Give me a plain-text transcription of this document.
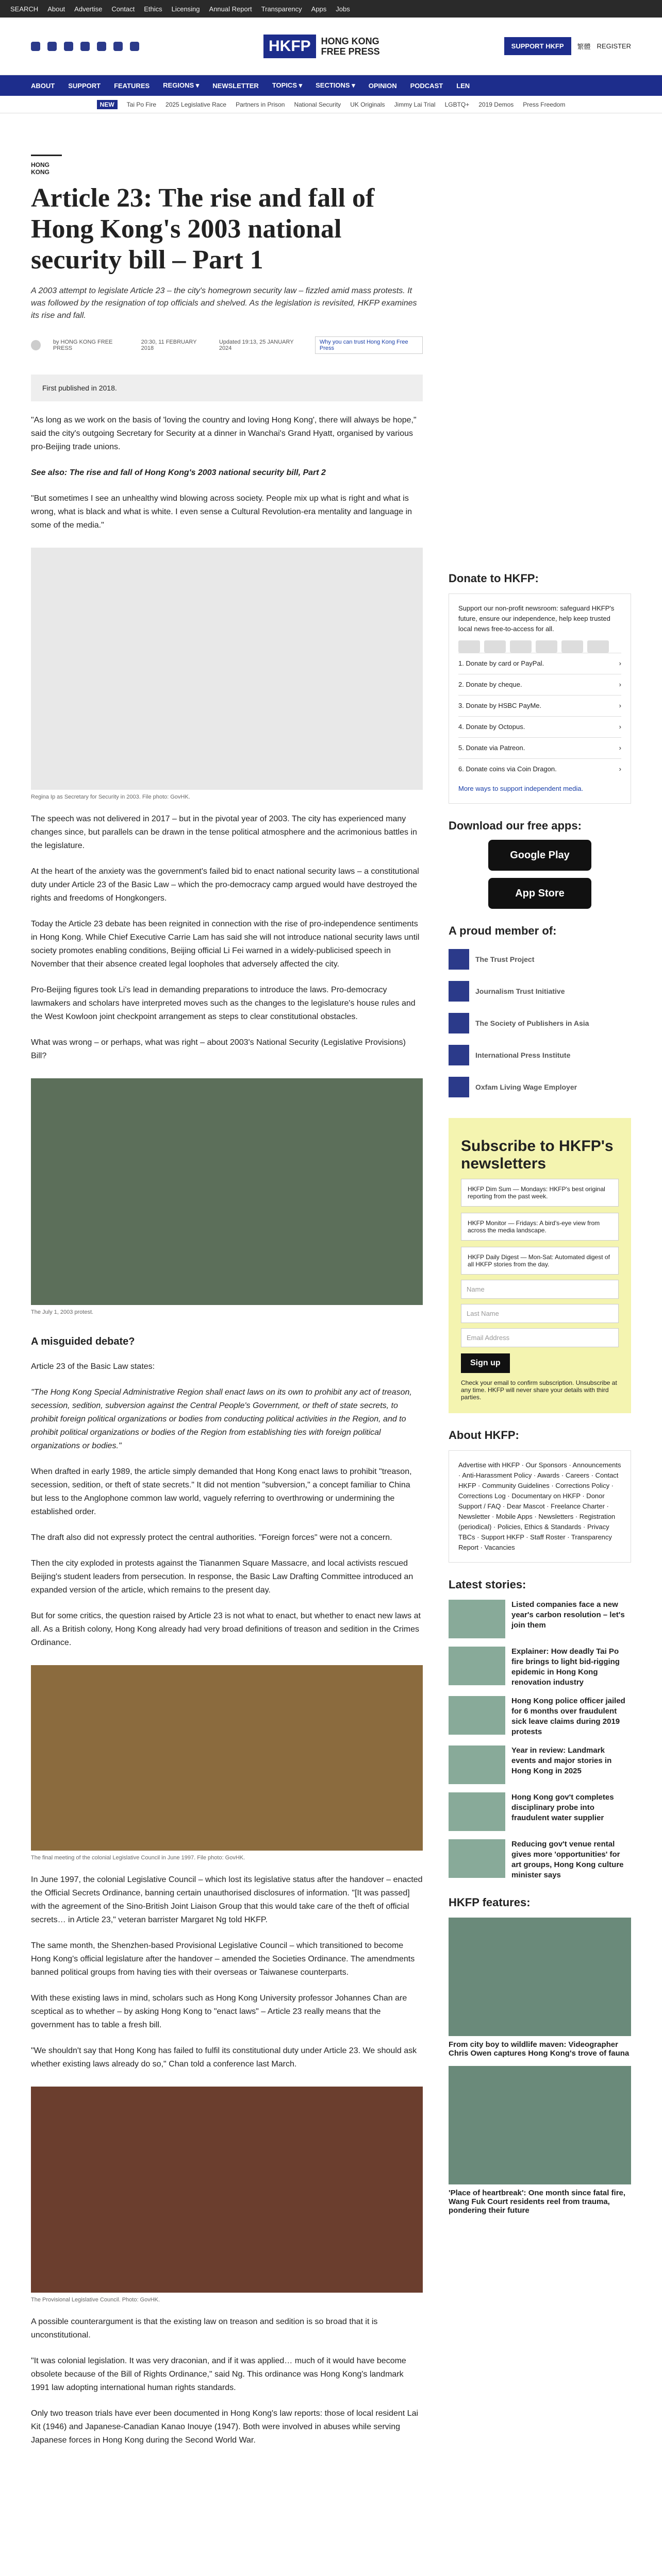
SEARCH About Advertise Contact Ethics Licensing Annual Report Transparency Apps Jobs
HKFP	HONG KONG
FREE PRESS	SUPPORT HKFP	繁體 REGISTER
ABOUT SUPPORT FEATURES REGIONS ▾ NEWSLETTER TOPICS ▾ SECTIONS ▾ OPINION PODCAST LEN
NEW	Tai Po Fire 2025 Legislative Race Partners in Prison National Security UK Originals Jimmy Lai Trial LGBTQ+ 2019 Demos Press Freedom
HONG KONG
Article 23: The rise and fall of Hong Kong's 2003 national security bill – Part 1
A 2003 attempt to legislate Article 23 – the city's homegrown security law – fizzled amid mass protests. It was followed by the resignation of top officials and shelved. As the legislation is revisited, HKFP examines its rise and fall.
by HONG KONG FREE PRESS
20:30, 11 FEBRUARY 2018
Updated 19:13, 25 JANUARY 2024
Why you can trust Hong Kong Free Press
First published in 2018.

"As long as we work on the basis of 'loving the country and loving Hong Kong', there will always be hope," said the city's outgoing Secretary for Security at a dinner in Wanchai's Grand Hyatt, organised by various pro-Beijing trade unions.

See also: The rise and fall of Hong Kong's 2003 national security bill, Part 2

"But sometimes I see an unhealthy wind blowing across society. People mix up what is right and what is wrong, what is black and what is white. I even sense a Cultural Revolution-era mentality and language in some of the media."

Regina Ip as Secretary for Security in 2003. File photo: GovHK.

The speech was not delivered in 2017 – but in the pivotal year of 2003. The city has experienced many changes since, but parallels can be drawn in the tense political atmosphere and the acrimonious battles in the legislature.

At the heart of the anxiety was the government's failed bid to enact national security laws – a constitutional duty under Article 23 of the Basic Law – which the pro-democracy camp argued would have destroyed the rights and freedoms of Hongkongers.

Today the Article 23 debate has been reignited in connection with the rise of pro-independence sentiments in Hong Kong. While Chief Executive Carrie Lam has said she will not introduce national security laws until society promotes enabling conditions, Beijing official Li Fei warned in a widely-publicised speech in November that their absence created legal loopholes that adversely affected the city.

Pro-Beijing figures took Li's lead in demanding preparations to introduce the laws. Pro-democracy lawmakers and scholars have interpreted moves such as the changes to the legislature's house rules and the West Kowloon joint checkpoint arrangement as steps to clear constitutional obstacles.

What was wrong – or perhaps, what was right – about 2003's National Security (Legislative Provisions) Bill?

The July 1, 2003 protest.
A misguided debate?

Article 23 of the Basic Law states:

"The Hong Kong Special Administrative Region shall enact laws on its own to prohibit any act of treason, secession, sedition, subversion against the Central People's Government, or theft of state secrets, to prohibit foreign political organizations or bodies from conducting political activities in the Region, and to prohibit political organizations or bodies of the Region from establishing ties with foreign political organizations or bodies."

When drafted in early 1989, the article simply demanded that Hong Kong enact laws to prohibit "treason, secession, sedition, or theft of state secrets." It did not mention "subversion," a concept familiar to China but less to the Anglophone common law world, vaguely referring to overthrowing or undermining the established order.

The draft also did not expressly protect the central authorities. "Foreign forces" were not a concern.

Then the city exploded in protests against the Tiananmen Square Massacre, and local activists rescued Beijing's student leaders from persecution. In response, the Basic Law Drafting Committee introduced an expanded version of the article, which remains to the present day.

But for some critics, the question raised by Article 23 is not what to enact, but whether to enact new laws at all. As a British colony, Hong Kong already had very broad definitions of treason and sedition in the Crimes Ordinance.

The final meeting of the colonial Legislative Council in June 1997. File photo: GovHK.

In June 1997, the colonial Legislative Council – which lost its legislative status after the handover – enacted the Official Secrets Ordinance, banning certain unauthorised disclosures of information. "[It was passed] with the agreement of the Sino-British Joint Liaison Group that this would take care of the theft of official secrets… in Article 23," veteran barrister Margaret Ng told HKFP.

The same month, the Shenzhen-based Provisional Legislative Council – which transitioned to become Hong Kong's official legislature after the handover – amended the Societies Ordinance. The amendments banned political groups from having ties with their overseas or Taiwanese counterparts.

With these existing laws in mind, scholars such as Hong Kong University professor Johannes Chan are sceptical as to whether – by asking Hong Kong to "enact laws" – Article 23 really means that the government has to table a fresh bill.

"We shouldn't say that Hong Kong has failed to fulfil its constitutional duty under Article 23. We should ask whether existing laws already do so," Chan told a conference last March.

The Provisional Legislative Council. Photo: GovHK.

A possible counterargument is that the existing law on treason and sedition is so broad that it is unconstitutional.

"It was colonial legislation. It was very draconian, and if it was applied… much of it would have become obsolete because of the Bill of Rights Ordinance," said Ng. This ordinance was Hong Kong's landmark 1991 law adopting international human rights standards.

Only two treason trials have ever been documented in Hong Kong's law reports: those of local resident Lai Kit (1946) and Japanese-Canadian Kanao Inouye (1947). Both were involved in abuses while serving Japanese forces in Hong Kong during the Second World War.

Donate to HKFP:
Support our non-profit newsroom: safeguard HKFP's future, ensure our independence, help keep trusted local news free-to-access for all.
1. Donate by card or PayPal.	›
2. Donate by cheque.	›
3. Donate by HSBC PayMe.	›
4. Donate by Octopus.	›
5. Donate via Patreon.	›
6. Donate coins via Coin Dragon.	›
More ways to support independent media.
Download our free apps:
Google Play
App Store
A proud member of:
The Trust Project
Journalism Trust Initiative
The Society of Publishers in Asia
International Press Institute
Oxfam Living Wage Employer
Subscribe to HKFP's newsletters
HKFP Dim Sum — Mondays: HKFP's best original reporting from the past week.
HKFP Monitor — Fridays: A bird's-eye view from across the media landscape.
HKFP Daily Digest — Mon-Sat: Automated digest of all HKFP stories from the day.
Name
Last Name
Email Address
Sign up
Check your email to confirm subscription. Unsubscribe at any time. HKFP will never share your details with third parties.
About HKFP:
Advertise with HKFP · Our Sponsors · Announcements · Anti-Harassment Policy · Awards · Careers · Contact HKFP · Community Guidelines · Corrections Policy · Corrections Log · Documentary on HKFP · Donor Support / FAQ · Dear Mascot · Freelance Charter · Newsletter · Mobile Apps · Newsletters · Registration (periodical) · Policies, Ethics & Standards · Privacy TBCs · Support HKFP · Staff Roster · Transparency Report · Vacancies
Latest stories:
Listed companies face a new year's carbon resolution – let's join them
Explainer: How deadly Tai Po fire brings to light bid-rigging epidemic in Hong Kong renovation industry
Hong Kong police officer jailed for 6 months over fraudulent sick leave claims during 2019 protests
Year in review: Landmark events and major stories in Hong Kong in 2025
Hong Kong gov't completes disciplinary probe into fraudulent water supplier
Reducing gov't venue rental gives more 'opportunities' for art groups, Hong Kong culture minister says
HKFP features:
From city boy to wildlife maven: Videographer Chris Owen captures Hong Kong's trove of fauna
'Place of heartbreak': One month since fatal fire, Wang Fuk Court residents reel from trauma, pondering their future
